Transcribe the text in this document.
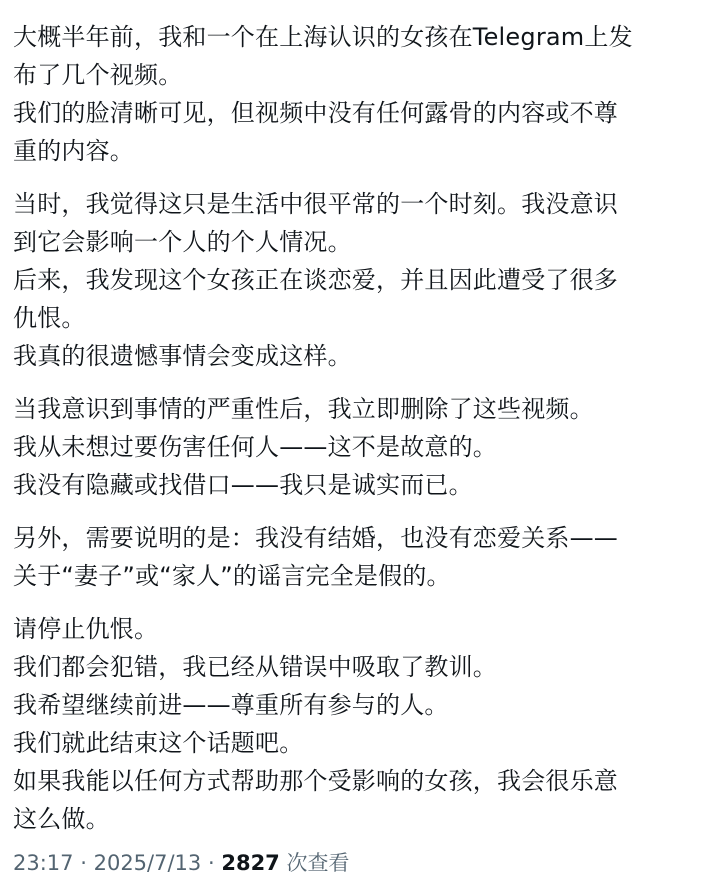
大概半年前，我和一个在上海认识的女孩在Telegram上发
布了几个视频。
我们的脸清晰可见，但视频中没有任何露骨的内容或不尊
重的内容。
当时，我觉得这只是生活中很平常的一个时刻。我没意识
到它会影响一个人的个人情况。
后来，我发现这个女孩正在谈恋爱，并且因此遭受了很多
仇恨。
我真的很遗憾事情会变成这样。
当我意识到事情的严重性后，我立即删除了这些视频。
我从未想过要伤害任何人——这不是故意的。
我没有隐藏或找借口——我只是诚实而已。
另外，需要说明的是：我没有结婚，也没有恋爱关系——
关于“妻子”或“家人”的谣言完全是假的。
请停止仇恨。
我们都会犯错，我已经从错误中吸取了教训。
我希望继续前进——尊重所有参与的人。
我们就此结束这个话题吧。
如果我能以任何方式帮助那个受影响的女孩，我会很乐意
这么做。
23:17 · 2025/7/13 · 2827 次查看
